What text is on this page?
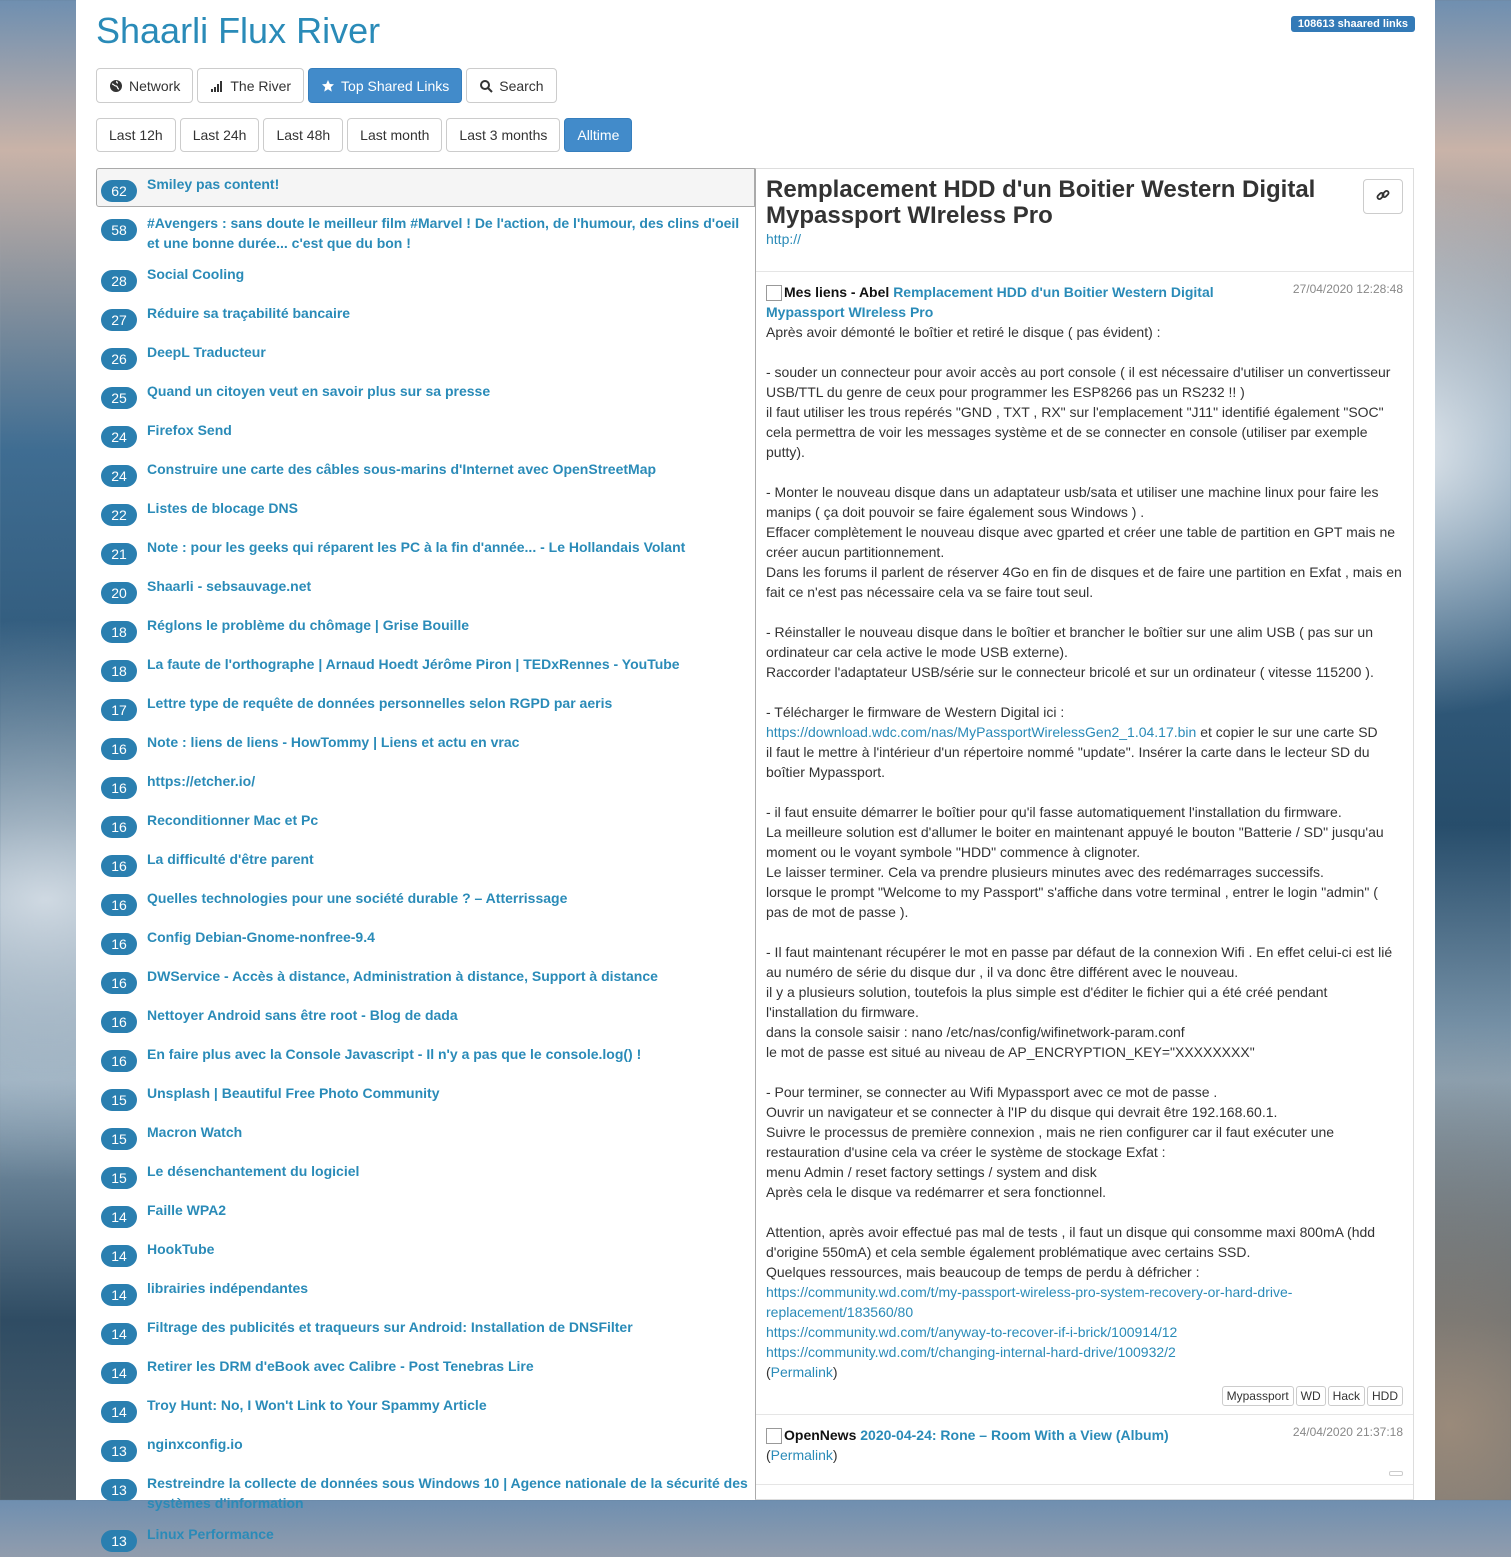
Shaarli Flux River	108613 shaared links
Network	The River	Top Shared Links	Search
Last 12h	Last 24h	Last 48h	Last month	Last 3 months	Alltime
62	Smiley pas content!
58	#Avengers : sans doute le meilleur film #Marvel ! De l'action, de l'humour, des clins d'oeil et une bonne durée... c'est que du bon !
28	Social Cooling
27	Réduire sa traçabilité bancaire
26	DeepL Traducteur
25	Quand un citoyen veut en savoir plus sur sa presse
24	Firefox Send
24	Construire une carte des câbles sous-marins d'Internet avec OpenStreetMap
22	Listes de blocage DNS
21	Note : pour les geeks qui réparent les PC à la fin d'année... - Le Hollandais Volant
20	Shaarli - sebsauvage.net
18	Réglons le problème du chômage | Grise Bouille
18	La faute de l'orthographe | Arnaud Hoedt Jérôme Piron | TEDxRennes - YouTube
17	Lettre type de requête de données personnelles selon RGPD par aeris
16	Note : liens de liens - HowTommy | Liens et actu en vrac
16	https://etcher.io/
16	Reconditionner Mac et Pc
16	La difficulté d'être parent
16	Quelles technologies pour une société durable ? – Atterrissage
16	Config Debian-Gnome-nonfree-9.4
16	DWService - Accès à distance, Administration à distance, Support à distance
16	Nettoyer Android sans être root - Blog de dada
16	En faire plus avec la Console Javascript - Il n'y a pas que le console.log() !
15	Unsplash | Beautiful Free Photo Community
15	Macron Watch
15	Le désenchantement du logiciel
14	Faille WPA2
14	HookTube
14	librairies indépendantes
14	Filtrage des publicités et traqueurs sur Android: Installation de DNSFilter
14	Retirer les DRM d'eBook avec Calibre - Post Tenebras Lire
14	Troy Hunt: No, I Won't Link to Your Spammy Article
13	nginxconfig.io
13	Restreindre la collecte de données sous Windows 10 | Agence nationale de la sécurité des systèmes d'information
13	Linux Performance
Remplacement HDD d'un Boitier Western Digital Mypassport WIreless Pro
http://
Mes liens - Abel Remplacement HDD d'un Boitier Western Digital Mypassport WIreless Pro
27/04/2020 12:28:48

Après avoir démonté le boîtier et retiré le disque ( pas évident) :

- souder un connecteur pour avoir accès au port console ( il est nécessaire d'utiliser un convertisseur USB/TTL du genre de ceux pour programmer les ESP8266 pas un RS232 !! )

il faut utiliser les trous repérés "GND , TXT , RX" sur l'emplacement "J11" identifié également "SOC"

cela permettra de voir les messages système et de se connecter en console (utiliser par exemple putty).

- Monter le nouveau disque dans un adaptateur usb/sata et utiliser une machine linux pour faire les manips ( ça doit pouvoir se faire également sous Windows ) .

Effacer complètement le nouveau disque avec gparted et créer une table de partition en GPT mais ne créer aucun partitionnement.

Dans les forums il parlent de réserver 4Go en fin de disques et de faire une partition en Exfat , mais en fait ce n'est pas nécessaire cela va se faire tout seul.

- Réinstaller le nouveau disque dans le boîtier et brancher le boîtier sur une alim USB ( pas sur un ordinateur car cela active le mode USB externe).

Raccorder l'adaptateur USB/série sur le connecteur bricolé et sur un ordinateur ( vitesse 115200 ).

- Télécharger le firmware de Western Digital ici :

https://download.wdc.com/nas/MyPassportWirelessGen2_1.04.17.bin et copier le sur une carte SD

il faut le mettre à l'intérieur d'un répertoire nommé "update". Insérer la carte dans le lecteur SD du boîtier Mypassport.

- il faut ensuite démarrer le boîtier pour qu'il fasse automatiquement l'installation du firmware.

La meilleure solution est d'allumer le boiter en maintenant appuyé le bouton "Batterie / SD" jusqu'au moment ou le voyant symbole "HDD" commence à clignoter.

Le laisser terminer. Cela va prendre plusieurs minutes avec des redémarrages successifs.

lorsque le prompt "Welcome to my Passport" s'affiche dans votre terminal , entrer le login "admin" ( pas de mot de passe ).

- Il faut maintenant récupérer le mot en passe par défaut de la connexion Wifi . En effet celui-ci est lié au numéro de série du disque dur , il va donc être différent avec le nouveau.

il y a plusieurs solution, toutefois la plus simple est d'éditer le fichier qui a été créé pendant l'installation du firmware.

dans la console saisir : nano /etc/nas/config/wifinetwork-param.conf

le mot de passe est situé au niveau de AP_ENCRYPTION_KEY="XXXXXXXX"

- Pour terminer, se connecter au Wifi Mypassport avec ce mot de passe .

Ouvrir un navigateur et se connecter à l'IP du disque qui devrait être 192.168.60.1.

Suivre le processus de première connexion , mais ne rien configurer car il faut exécuter une restauration d'usine cela va créer le système de stockage Exfat :

menu Admin / reset factory settings / system and disk

Après cela le disque va redémarrer et sera fonctionnel.

Attention, après avoir effectué pas mal de tests , il faut un disque qui consomme maxi 800mA (hdd d'origine 550mA) et cela semble également problématique avec certains SSD.

Quelques ressources, mais beaucoup de temps de perdu à défricher :

https://community.wd.com/t/my-passport-wireless-pro-system-recovery-or-hard-drive-replacement/183560/80

https://community.wd.com/t/anyway-to-recover-if-i-brick/100914/12

https://community.wd.com/t/changing-internal-hard-drive/100932/2

(Permalink)

Mypassport	WD	Hack	HDD
OpenNews 2020-04-24: Rone – Room With a View (Album)	24/04/2020 21:37:18

(Permalink)
